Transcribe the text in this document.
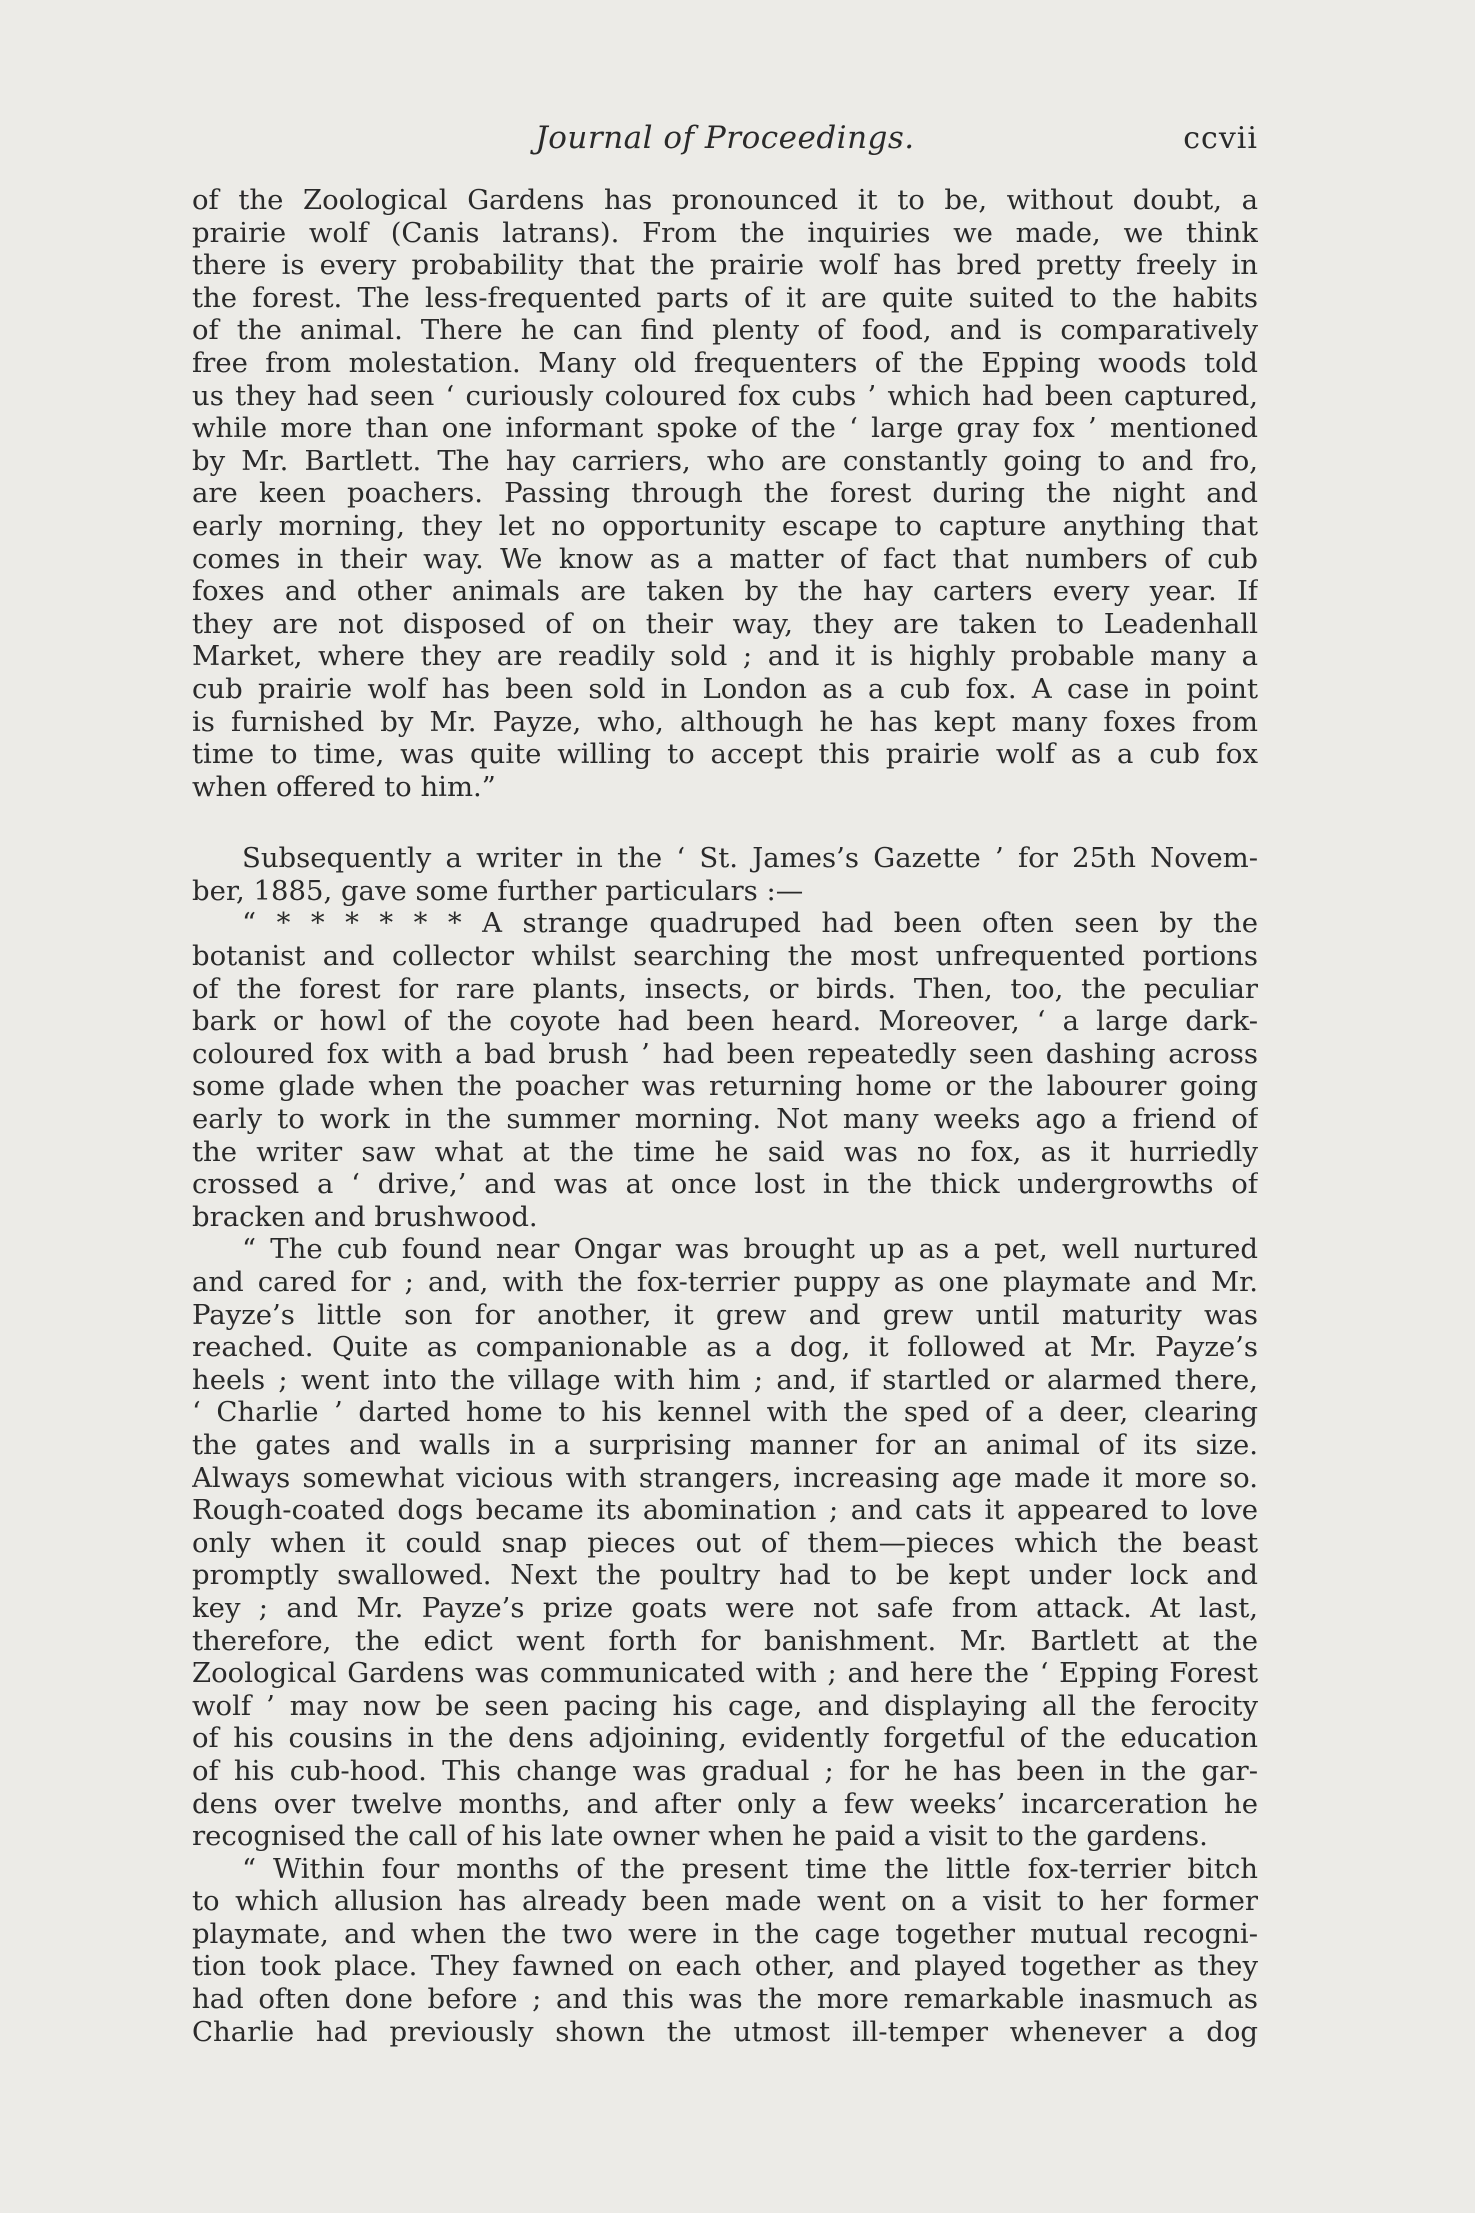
Journal of Proceedings.	ccvii
of the Zoological Gardens has pronounced it to be, without doubt, a
prairie wolf (Canis latrans). From the inquiries we made, we think
there is every probability that the prairie wolf has bred pretty freely in
the forest. The less-frequented parts of it are quite suited to the habits
of the animal. There he can find plenty of food, and is comparatively
free from molestation. Many old frequenters of the Epping woods told
us they had seen ‘ curiously coloured fox cubs ’ which had been captured,
while more than one informant spoke of the ‘ large gray fox ’ mentioned
by Mr. Bartlett. The hay carriers, who are constantly going to and fro,
are keen poachers. Passing through the forest during the night and
early morning, they let no opportunity escape to capture anything that
comes in their way. We know as a matter of fact that numbers of cub
foxes and other animals are taken by the hay carters every year. If
they are not disposed of on their way, they are taken to Leadenhall
Market, where they are readily sold ; and it is highly probable many a
cub prairie wolf has been sold in London as a cub fox. A case in point
is furnished by Mr. Payze, who, although he has kept many foxes from
time to time, was quite willing to accept this prairie wolf as a cub fox
when offered to him.”
Subsequently a writer in the ‘ St. James’s Gazette ’ for 25th Novem-
ber, 1885, gave some further particulars :—
“ * * * * * * A strange quadruped had been often seen by the
botanist and collector whilst searching the most unfrequented portions
of the forest for rare plants, insects, or birds. Then, too, the peculiar
bark or howl of the coyote had been heard. Moreover, ‘ a large dark-
coloured fox with a bad brush ’ had been repeatedly seen dashing across
some glade when the poacher was returning home or the labourer going
early to work in the summer morning. Not many weeks ago a friend of
the writer saw what at the time he said was no fox, as it hurriedly
crossed a ‘ drive,’ and was at once lost in the thick undergrowths of
bracken and brushwood.
“ The cub found near Ongar was brought up as a pet, well nurtured
and cared for ; and, with the fox-terrier puppy as one playmate and Mr.
Payze’s little son for another, it grew and grew until maturity was
reached. Quite as companionable as a dog, it followed at Mr. Payze’s
heels ; went into the village with him ; and, if startled or alarmed there,
‘ Charlie ’ darted home to his kennel with the sped of a deer, clearing
the gates and walls in a surprising manner for an animal of its size.
Always somewhat vicious with strangers, increasing age made it more so.
Rough-coated dogs became its abomination ; and cats it appeared to love
only when it could snap pieces out of them—pieces which the beast
promptly swallowed. Next the poultry had to be kept under lock and
key ; and Mr. Payze’s prize goats were not safe from attack. At last,
therefore, the edict went forth for banishment. Mr. Bartlett at the
Zoological Gardens was communicated with ; and here the ‘ Epping Forest
wolf ’ may now be seen pacing his cage, and displaying all the ferocity
of his cousins in the dens adjoining, evidently forgetful of the education
of his cub-hood. This change was gradual ; for he has been in the gar-
dens over twelve months, and after only a few weeks’ incarceration he
recognised the call of his late owner when he paid a visit to the gardens.
“ Within four months of the present time the little fox-terrier bitch
to which allusion has already been made went on a visit to her former
playmate, and when the two were in the cage together mutual recogni-
tion took place. They fawned on each other, and played together as they
had often done before ; and this was the more remarkable inasmuch as
Charlie had previously shown the utmost ill-temper whenever a dog
